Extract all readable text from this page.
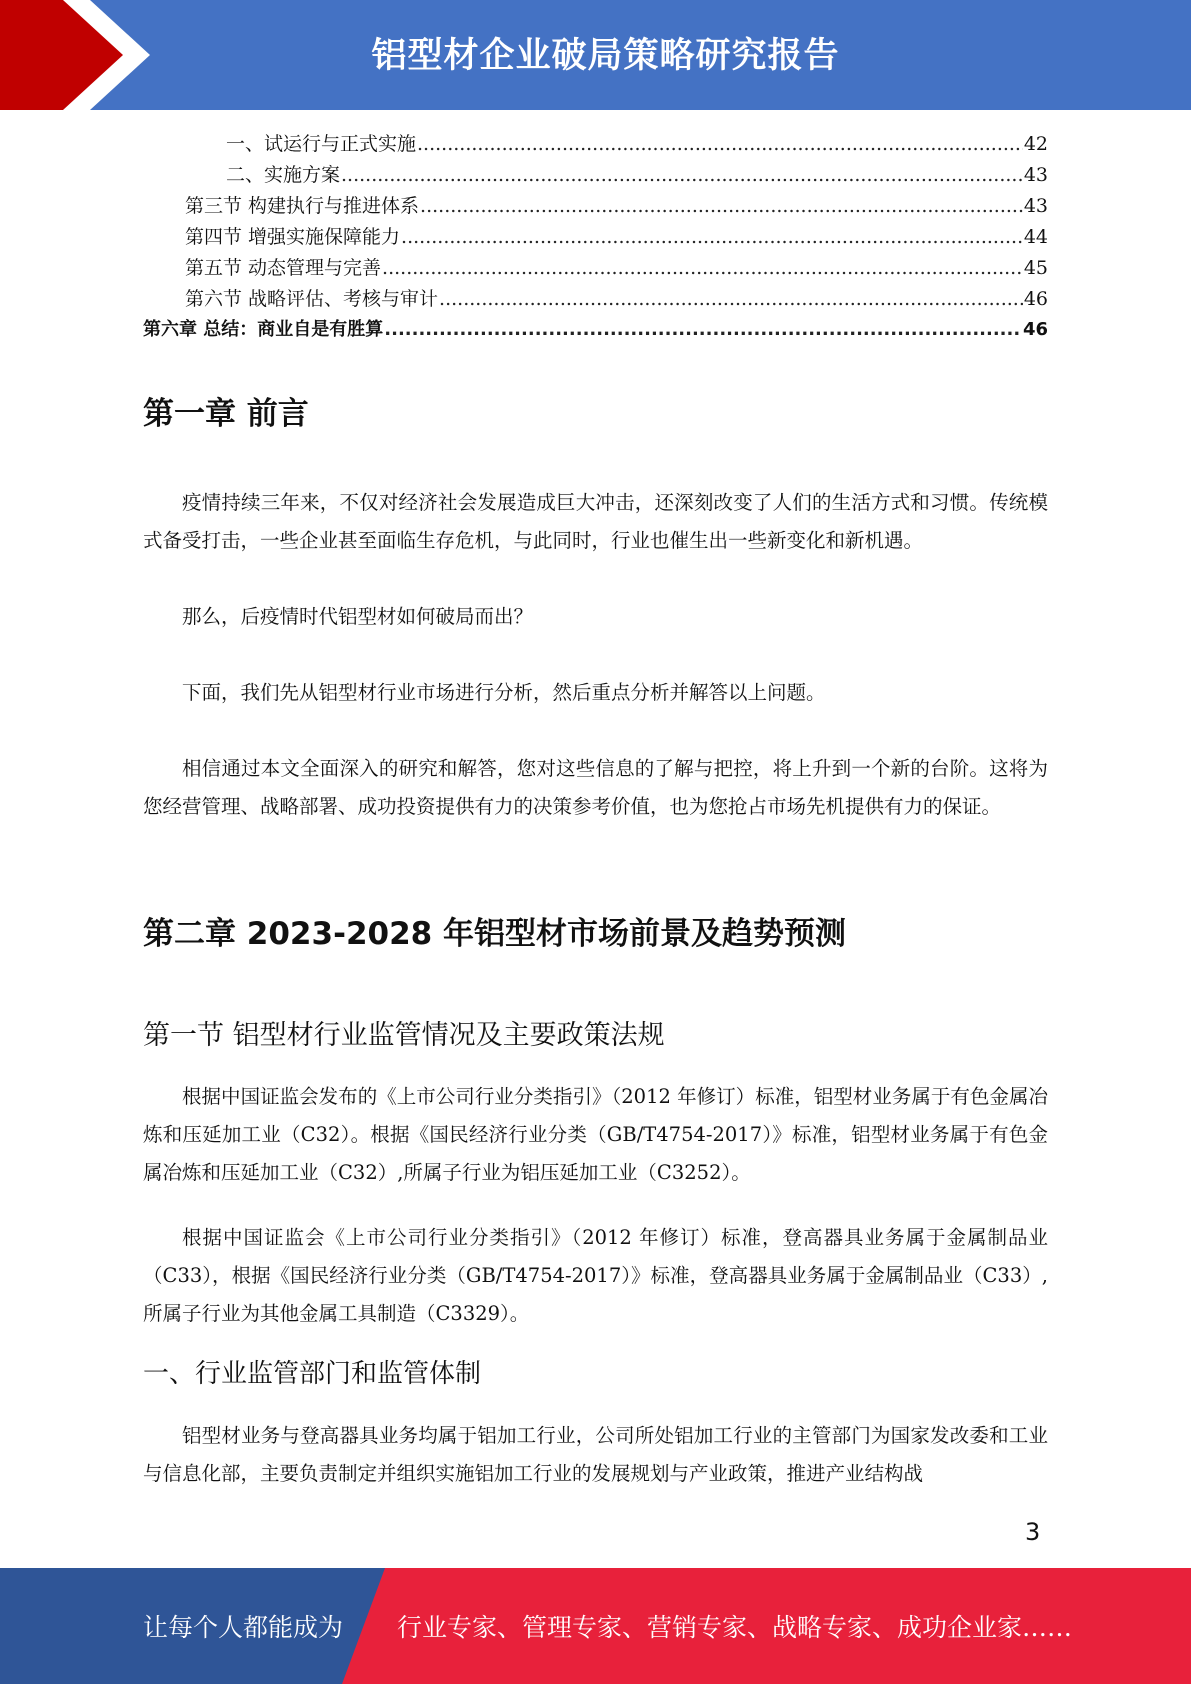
铝型材企业破局策略研究报告
一、试运行与正式实施 .....	42
二、实施方案 .....	43
第三节 构建执行与推进体系 .....	43
第四节 增强实施保障能力 .....	44
第五节 动态管理与完善 .....	45
第六节 战略评估、考核与审计 .....	46
第六章 总结：商业自是有胜算 .....	46
第一章 前言

疫情持续三年来，不仅对经济社会发展造成巨大冲击，还深刻改变了人们的生活方式和习惯。传统模式备受打击，一些企业甚至面临生存危机，与此同时，行业也催生出一些新变化和新机遇。

那么，后疫情时代铝型材如何破局而出？

下面，我们先从铝型材行业市场进行分析，然后重点分析并解答以上问题。

相信通过本文全面深入的研究和解答，您对这些信息的了解与把控，将上升到一个新的台阶。这将为您经营管理、战略部署、成功投资提供有力的决策参考价值，也为您抢占市场先机提供有力的保证。

第二章 2023-2028 年铝型材市场前景及趋势预测
第一节 铝型材行业监管情况及主要政策法规

根据中国证监会发布的《上市公司行业分类指引》（2012 年修订）标准，铝型材业务属于有色金属冶炼和压延加工业（C32）。根据《国民经济行业分类（GB/T4754-2017）》标准，铝型材业务属于有色金属冶炼和压延加工业（C32）,所属子行业为铝压延加工业（C3252）。

根据中国证监会《上市公司行业分类指引》（2012 年修订）标准，登高器具业务属于金属制品业（C33），根据《国民经济行业分类（GB/T4754-2017）》标准，登高器具业务属于金属制品业（C33）,所属子行业为其他金属工具制造（C3329）。

一、行业监管部门和监管体制

铝型材业务与登高器具业务均属于铝加工行业，公司所处铝加工行业的主管部门为国家发改委和工业与信息化部，主要负责制定并组织实施铝加工行业的发展规划与产业政策，推进产业结构战

3
让每个人都能成为 行业专家、管理专家、营销专家、战略专家、成功企业家……
